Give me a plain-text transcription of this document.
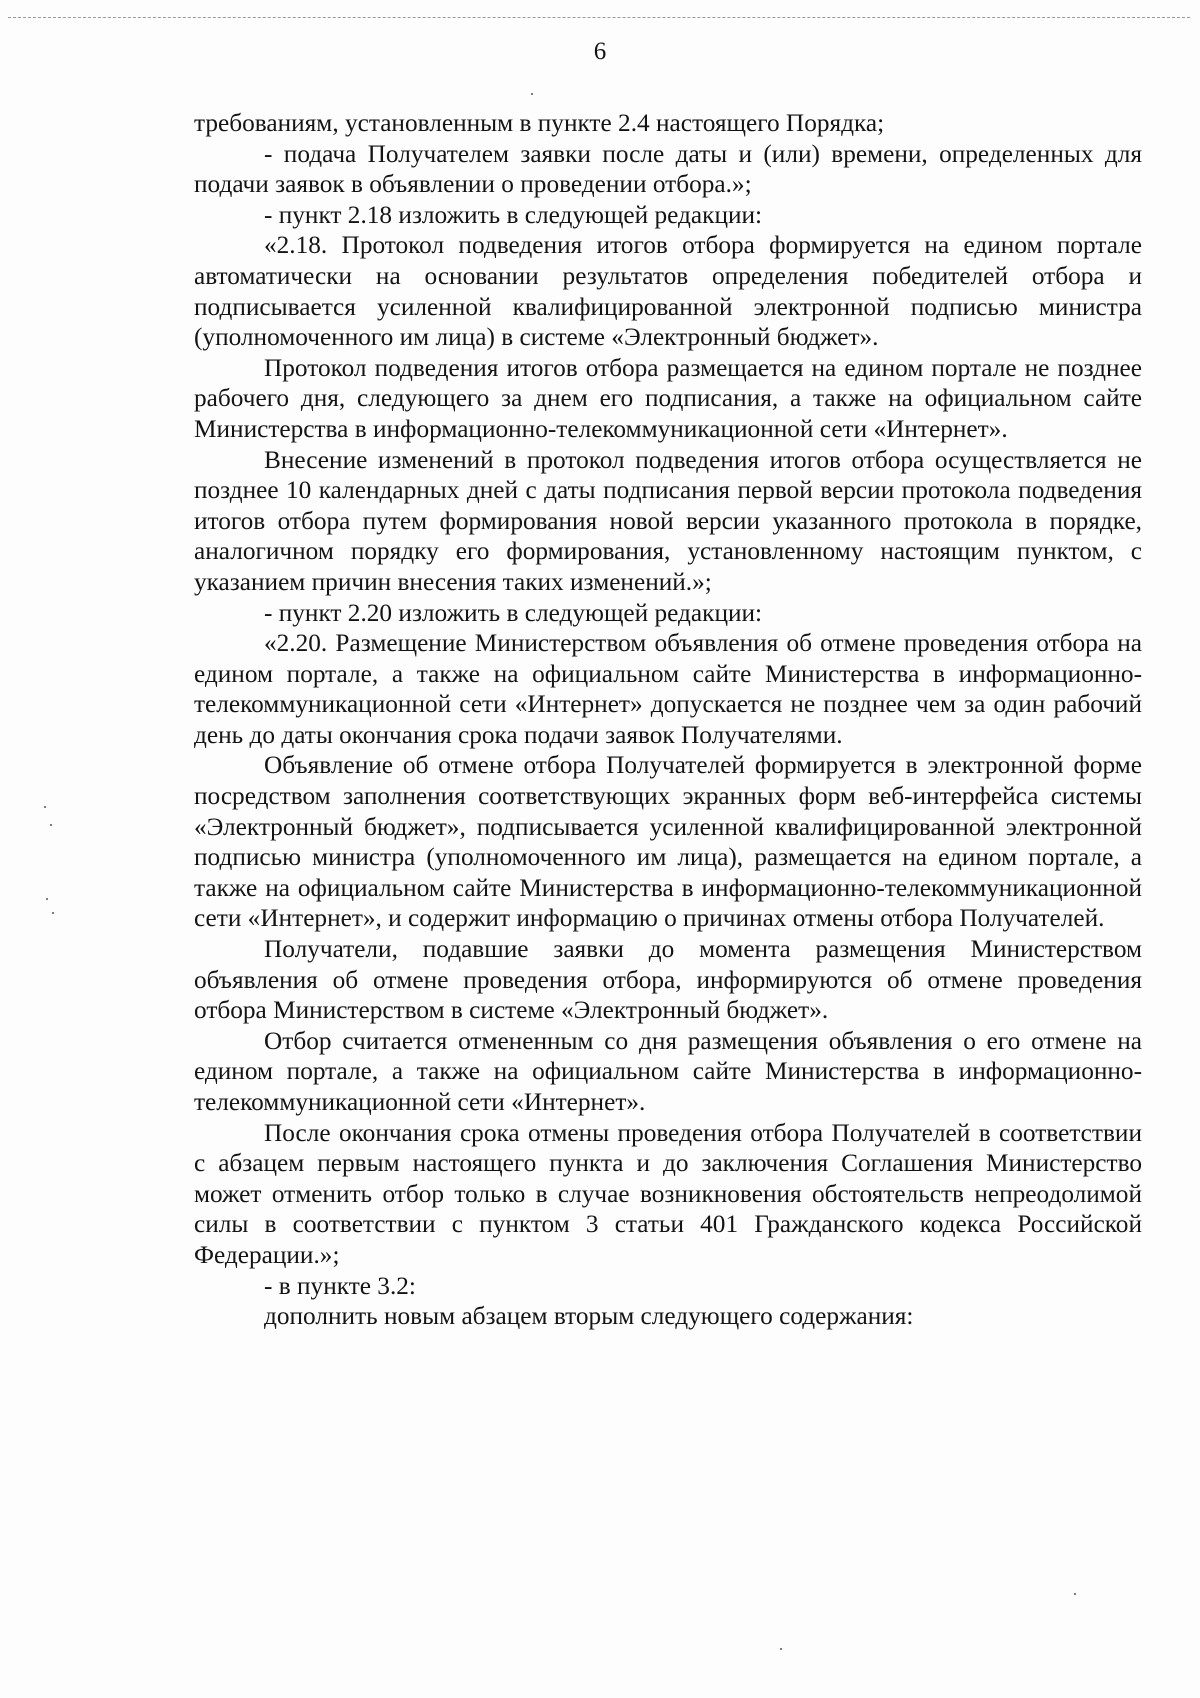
6

требованиям, установленным в пункте 2.4 настоящего Порядка;

- подача Получателем заявки после даты и (или) времени, определенных для подачи заявок в объявлении о проведении отбора.»;

- пункт 2.18 изложить в следующей редакции:

«2.18. Протокол подведения итогов отбора формируется на едином портале автоматически на основании результатов определения победителей отбора и подписывается усиленной квалифицированной электронной подписью министра (уполномоченного им лица) в системе «Электронный бюджет».

Протокол подведения итогов отбора размещается на едином портале не позднее рабочего дня, следующего за днем его подписания, а также на официальном сайте Министерства в информационно-телекоммуникационной сети «Интернет».

Внесение изменений в протокол подведения итогов отбора осуществляется не позднее 10 календарных дней с даты подписания первой версии протокола подведения итогов отбора путем формирования новой версии указанного протокола в порядке, аналогичном порядку его формирования, установленному настоящим пунктом, с указанием причин внесения таких изменений.»;

- пункт 2.20 изложить в следующей редакции:

«2.20. Размещение Министерством объявления об отмене проведения отбора на едином портале, а также на официальном сайте Министерства в информационно-телекоммуникационной сети «Интернет» допускается не позднее чем за один рабочий день до даты окончания срока подачи заявок Получателями.

Объявление об отмене отбора Получателей формируется в электронной форме посредством заполнения соответствующих экранных форм веб-интерфейса системы «Электронный бюджет», подписывается усиленной квалифицированной электронной подписью министра (уполномоченного им лица), размещается на едином портале, а также на официальном сайте Министерства в информационно-телекоммуникационной сети «Интернет», и содержит информацию о причинах отмены отбора Получателей.

Получатели, подавшие заявки до момента размещения Министерством объявления об отмене проведения отбора, информируются об отмене проведения отбора Министерством в системе «Электронный бюджет».

Отбор считается отмененным со дня размещения объявления о его отмене на едином портале, а также на официальном сайте Министерства в информационно-телекоммуникационной сети «Интернет».

После окончания срока отмены проведения отбора Получателей в соответствии с абзацем первым настоящего пункта и до заключения Соглашения Министерство может отменить отбор только в случае возникновения обстоятельств непреодолимой силы в соответствии с пунктом 3 статьи 401 Гражданского кодекса Российской Федерации.»;

- в пункте 3.2:

дополнить новым абзацем вторым следующего содержания:
